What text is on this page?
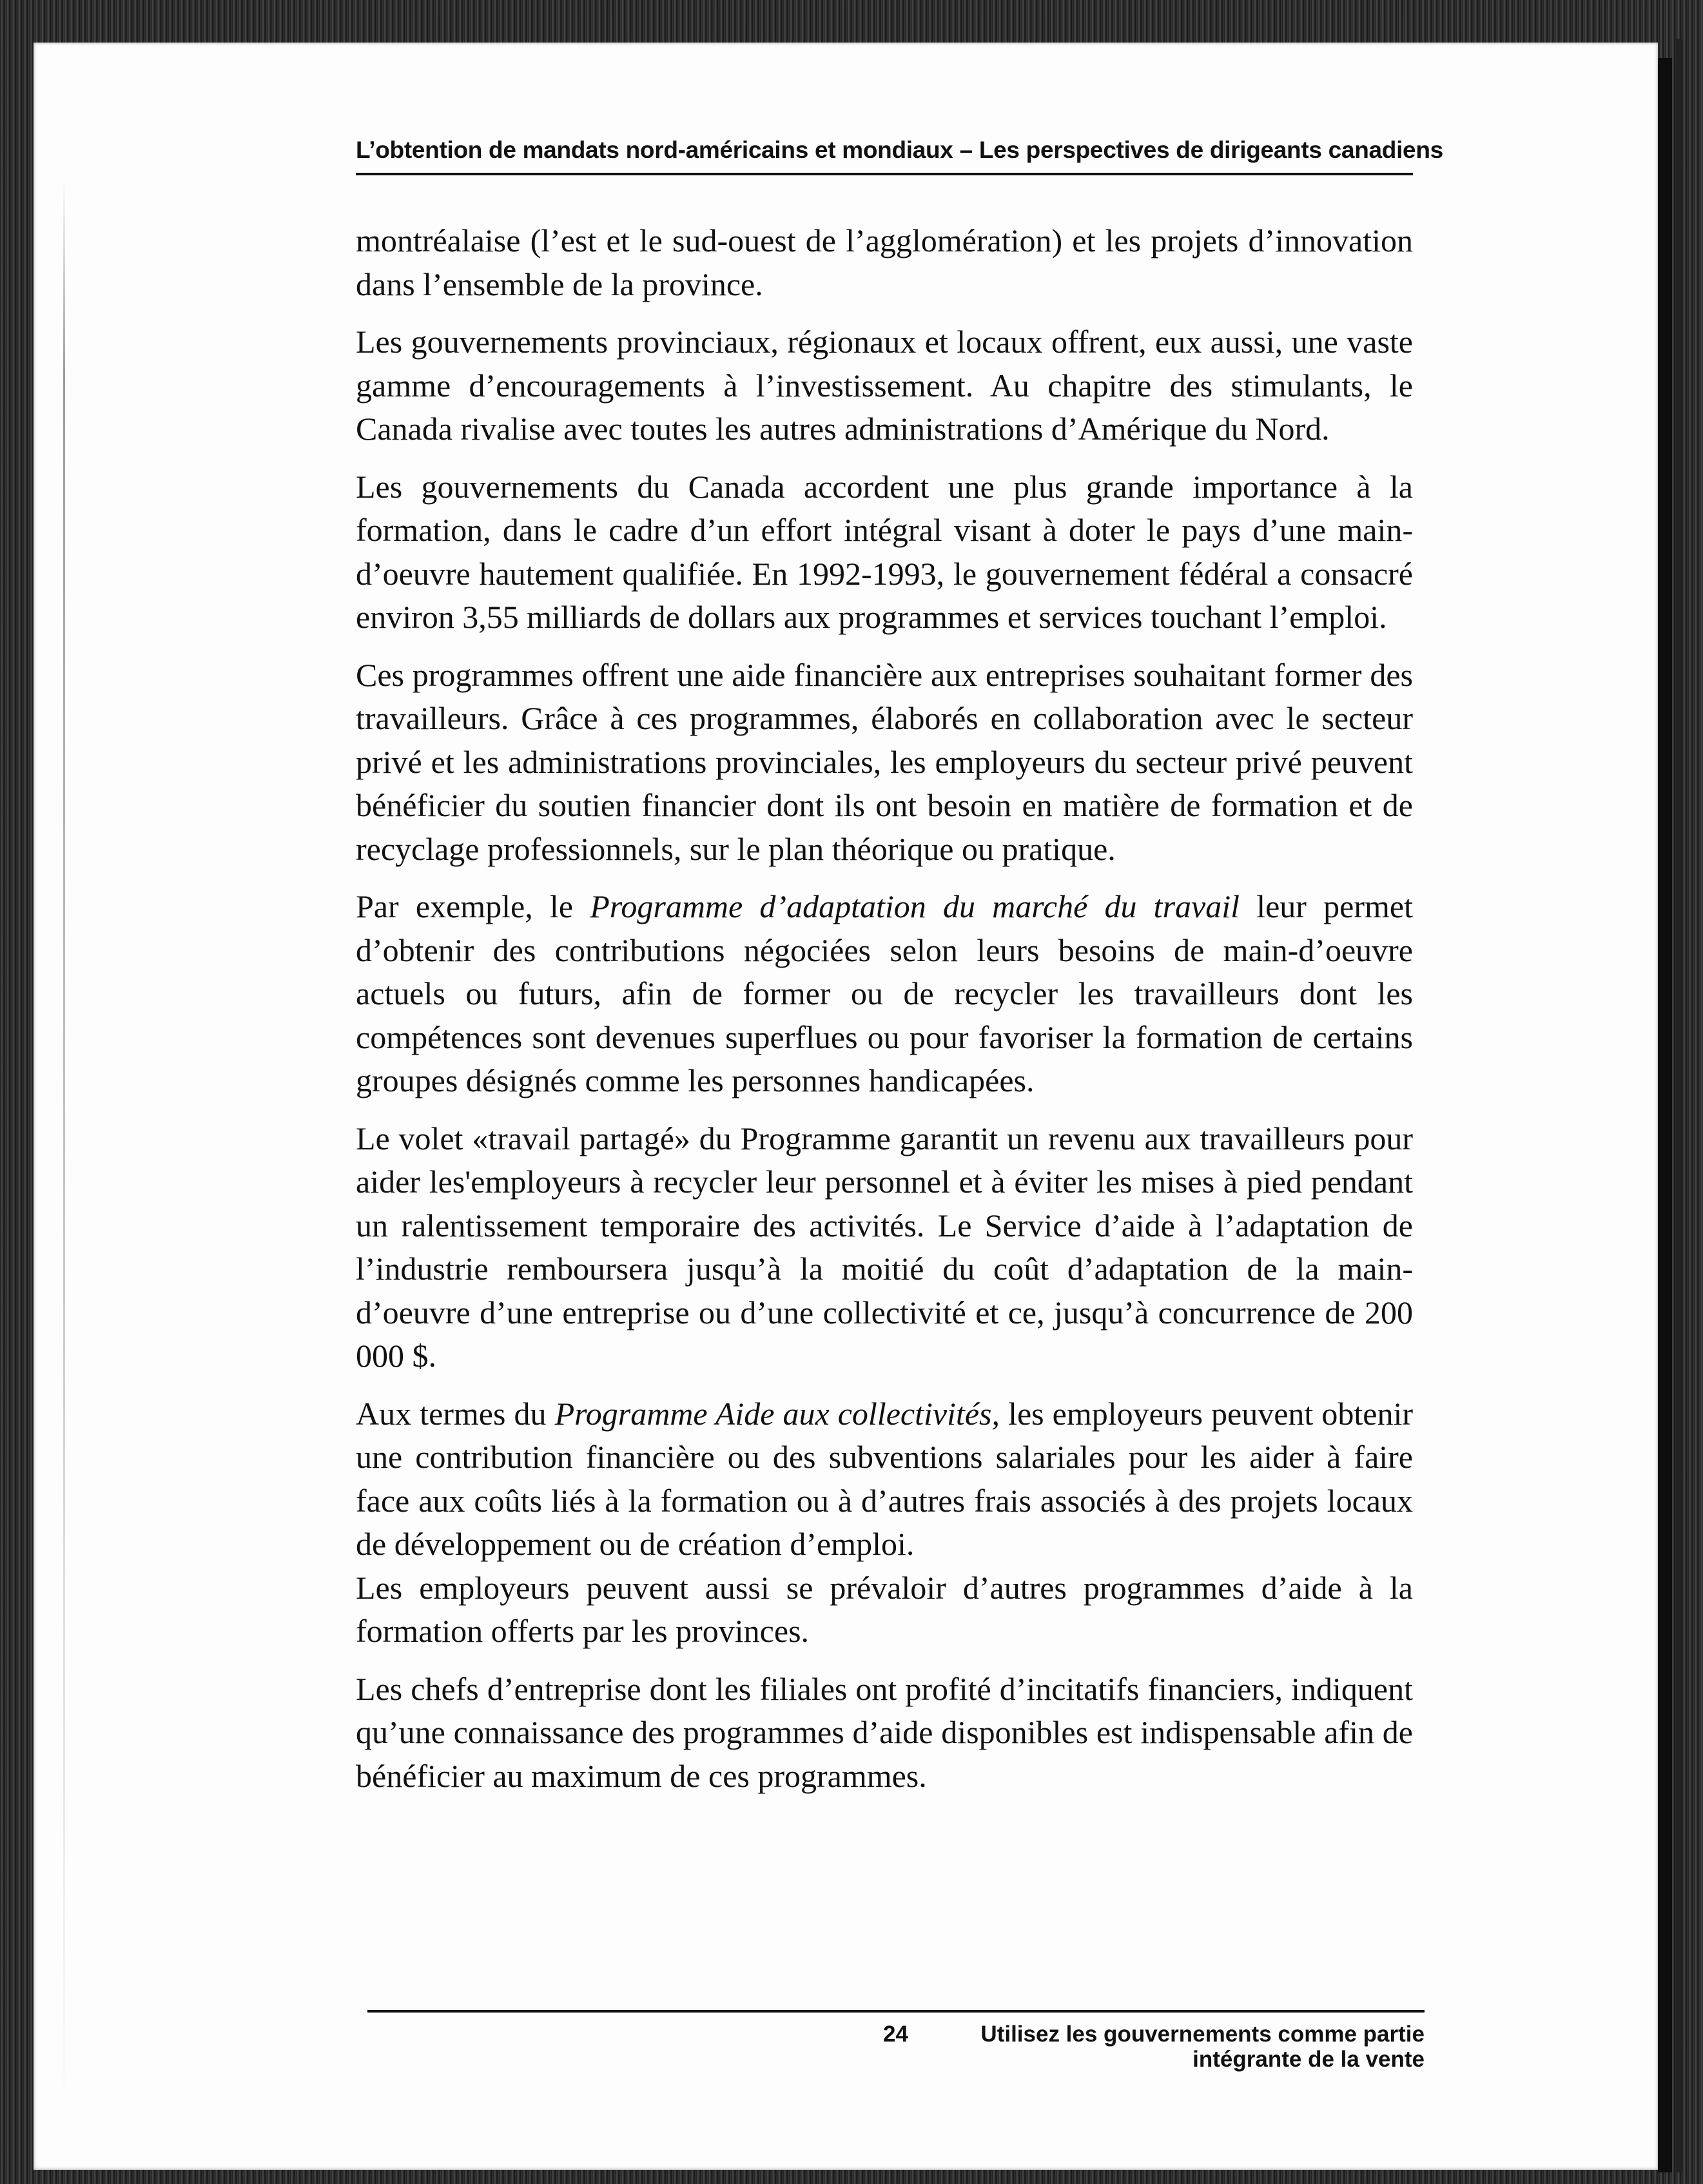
L’obtention de mandats nord-américains et mondiaux – Les perspectives de dirigeants canadiens

montréalaise (l’est et le sud-ouest de l’agglomération) et les projets d’innovation dans l’ensemble de la province.

Les gouvernements provinciaux, régionaux et locaux offrent, eux aussi, une vaste gamme d’encouragements à l’investissement. Au chapitre des stimulants, le Canada rivalise avec toutes les autres administrations d’Amérique du Nord.

Les gouvernements du Canada accordent une plus grande importance à la formation, dans le cadre d’un effort intégral visant à doter le pays d’une main-d’oeuvre hautement qualifiée. En 1992-1993, le gouvernement fédéral a consacré environ 3,55 milliards de dollars aux programmes et services touchant l’emploi.

Ces programmes offrent une aide financière aux entreprises souhaitant former des travailleurs. Grâce à ces programmes, élaborés en collaboration avec le secteur privé et les administrations provinciales, les employeurs du secteur privé peuvent bénéficier du soutien financier dont ils ont besoin en matière de formation et de recyclage professionnels, sur le plan théorique ou pratique.

Par exemple, le Programme d’adaptation du marché du travail leur permet d’obtenir des contributions négociées selon leurs besoins de main-d’oeuvre actuels ou futurs, afin de former ou de recycler les travailleurs dont les compétences sont devenues superflues ou pour favoriser la formation de certains groupes désignés comme les personnes handicapées.

Le volet «travail partagé» du Programme garantit un revenu aux travailleurs pour aider les'employeurs à recycler leur personnel et à éviter les mises à pied pendant un ralentissement temporaire des activités. Le Service d’aide à l’adaptation de l’industrie remboursera jusqu’à la moitié du coût d’adaptation de la main-d’oeuvre d’une entreprise ou d’une collectivité et ce, jusqu’à concurrence de 200 000 $.

Aux termes du Programme Aide aux collectivités, les employeurs peuvent obtenir une contribution financière ou des subventions salariales pour les aider à faire face aux coûts liés à la formation ou à d’autres frais associés à des projets locaux de développement ou de création d’emploi.

Les employeurs peuvent aussi se prévaloir d’autres programmes d’aide à la formation offerts par les provinces.

Les chefs d’entreprise dont les filiales ont profité d’incitatifs financiers, indiquent qu’une connaissance des programmes d’aide disponibles est indispensable afin de bénéficier au maximum de ces programmes.

24	Utilisez les gouvernements comme partie
intégrante de la vente
